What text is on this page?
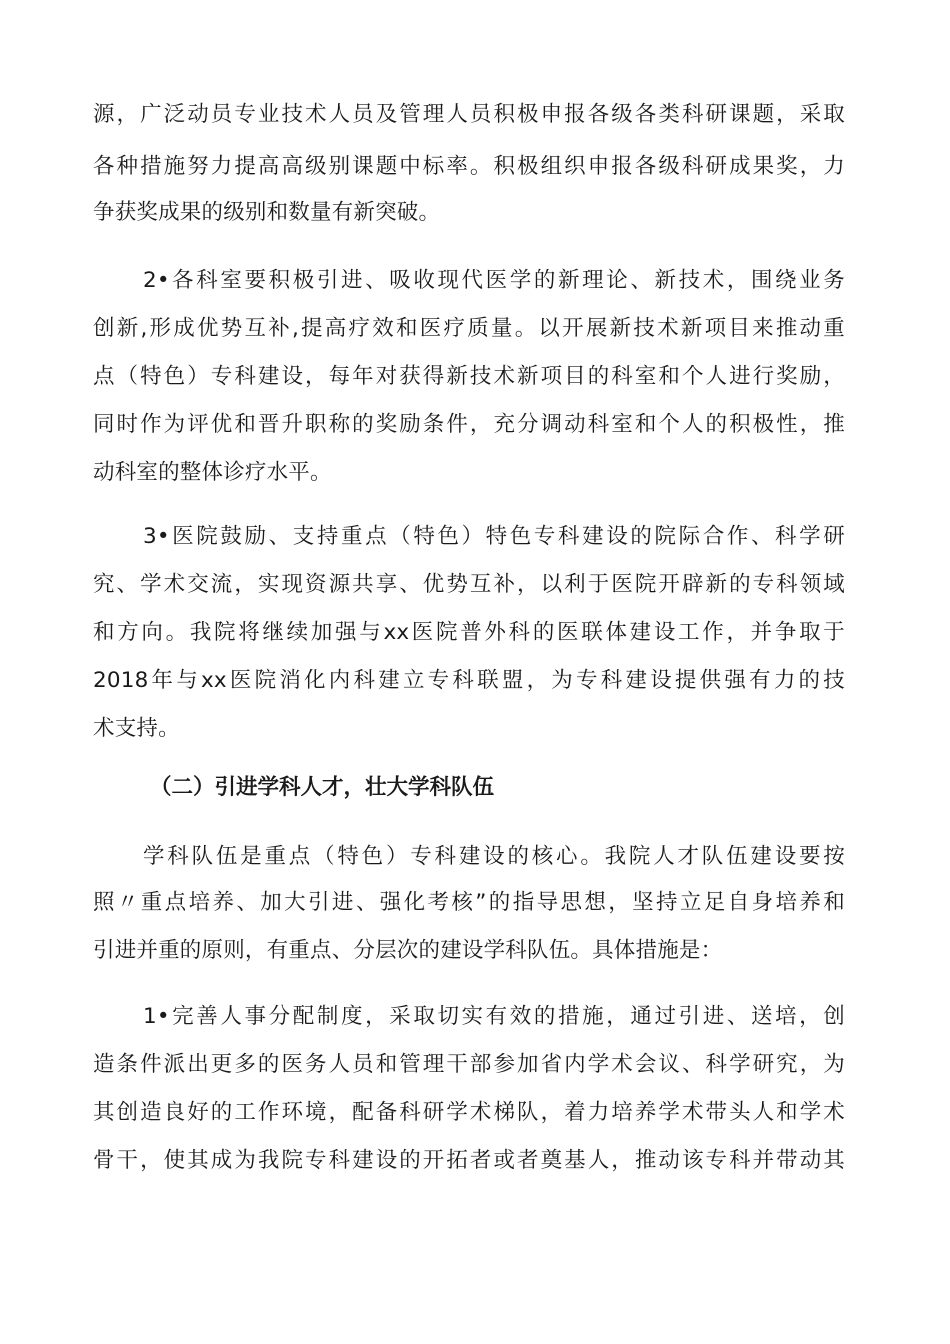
源，广泛动员专业技术人员及管理人员积极申报各级各类科研课题，采取
各种措施努力提高高级别课题中标率。积极组织申报各级科研成果奖，力
争获奖成果的级别和数量有新突破。
2•各科室要积极引进、吸收现代医学的新理论、新技术，围绕业务
创新,形成优势互补,提高疗效和医疗质量。以开展新技术新项目来推动重
点（特色）专科建设，每年对获得新技术新项目的科室和个人进行奖励，
同时作为评优和晋升职称的奖励条件，充分调动科室和个人的积极性，推
动科室的整体诊疗水平。
3•医院鼓励、支持重点（特色）特色专科建设的院际合作、科学研
究、学术交流，实现资源共享、优势互补，以利于医院开辟新的专科领域
和方向。我院将继续加强与xx医院普外科的医联体建设工作，并争取于
2018年与xx医院消化内科建立专科联盟，为专科建设提供强有力的技
术支持。
（二）引进学科人才，壮大学科队伍
学科队伍是重点（特色）专科建设的核心。我院人才队伍建设要按
照〃重点培养、加大引进、强化考核”的指导思想，坚持立足自身培养和
引进并重的原则，有重点、分层次的建设学科队伍。具体措施是：
1•完善人事分配制度，采取切实有效的措施，通过引进、送培，创
造条件派出更多的医务人员和管理干部参加省内学术会议、科学研究，为
其创造良好的工作环境，配备科研学术梯队，着力培养学术带头人和学术
骨干，使其成为我院专科建设的开拓者或者奠基人，推动该专科并带动其
